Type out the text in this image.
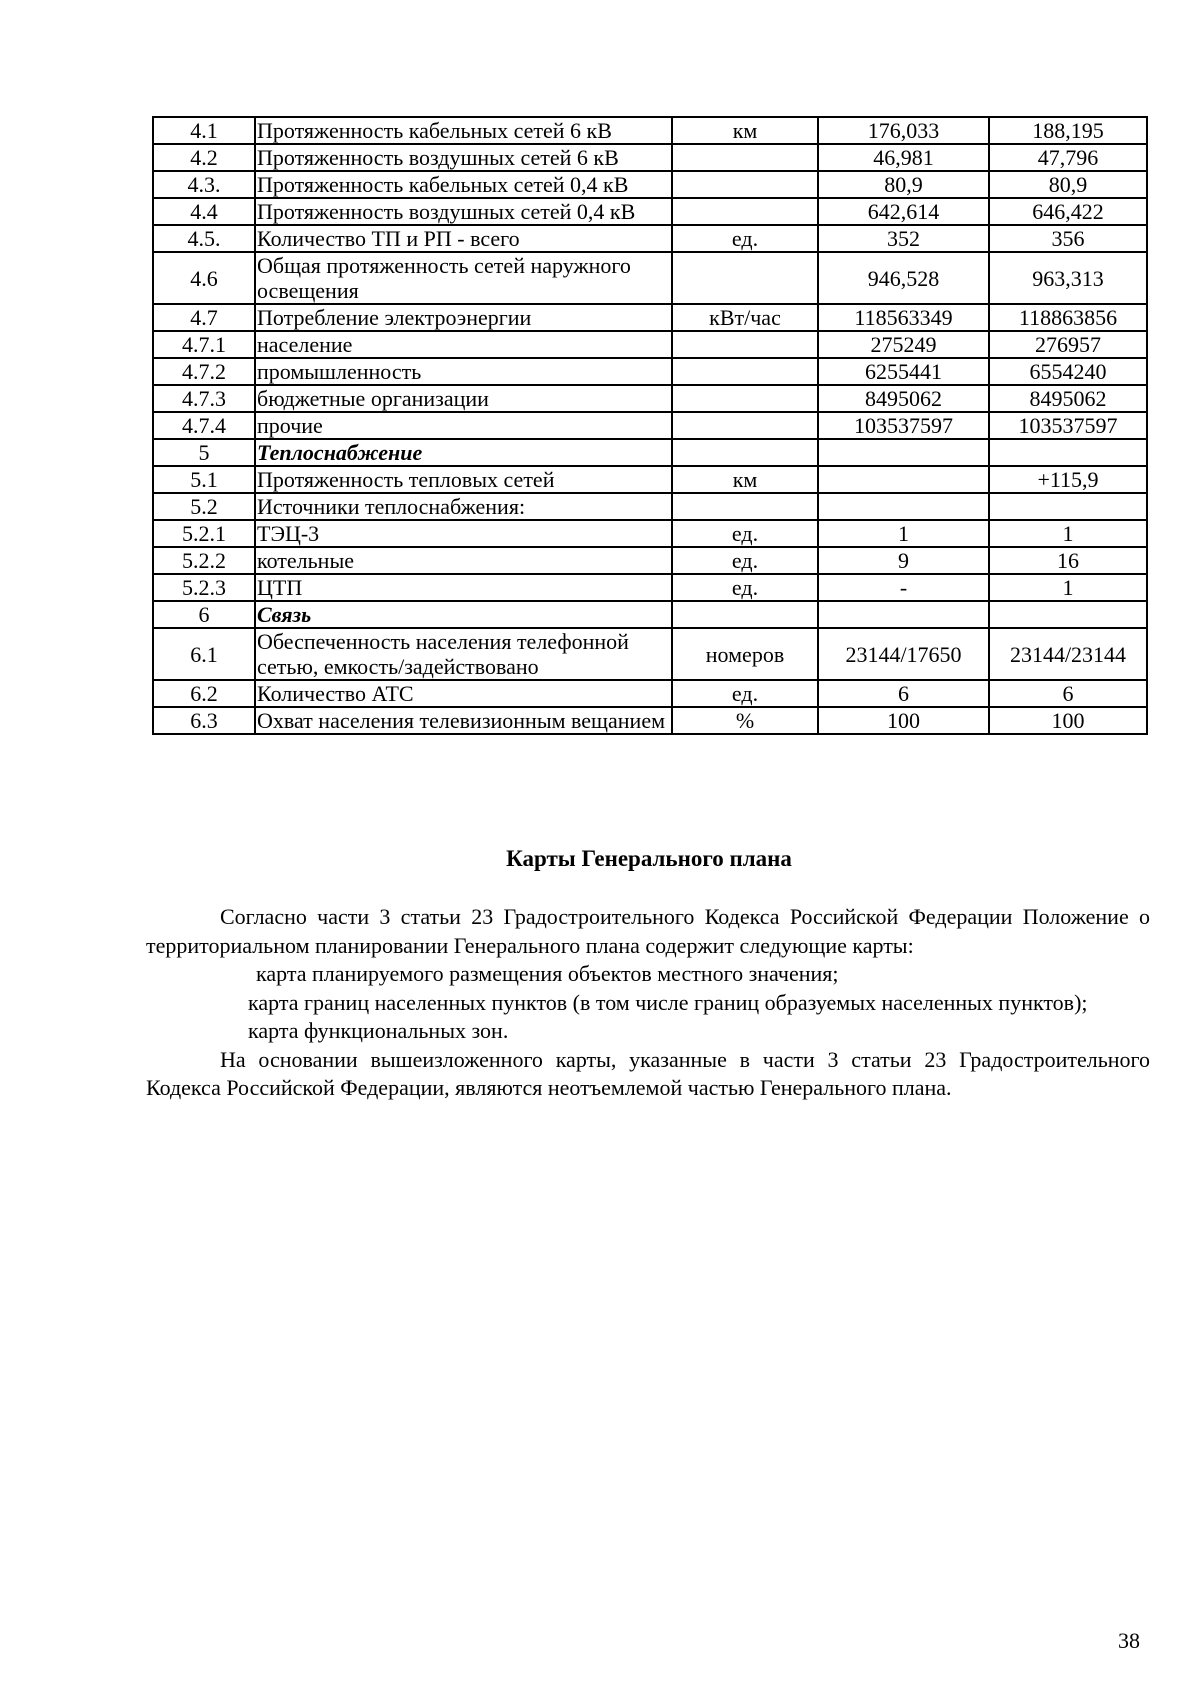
4.1	Протяженность кабельных сетей 6 кВ	км	176,033	188,195
4.2	Протяженность воздушных сетей 6 кВ		46,981	47,796
4.3.	Протяженность кабельных сетей 0,4 кВ		80,9	80,9
4.4	Протяженность воздушных сетей 0,4 кВ		642,614	646,422
4.5.	Количество ТП и РП - всего	ед.	352	356
4.6	Общая протяженность сетей наружного освещения		946,528	963,313
4.7	Потребление электроэнергии	кВт/час	118563349	118863856
4.7.1	население		275249	276957
4.7.2	промышленность		6255441	6554240
4.7.3	бюджетные организации		8495062	8495062
4.7.4	прочие		103537597	103537597
5	Теплоснабжение			
5.1	Протяженность тепловых сетей	км		+115,9
5.2	Источники теплоснабжения:			
5.2.1	ТЭЦ-3	ед.	1	1
5.2.2	котельные	ед.	9	16
5.2.3	ЦТП	ед.	-	1
6	Связь			
6.1	Обеспеченность населения телефонной сетью, емкость/задействовано	номеров	23144/17650	23144/23144
6.2	Количество АТС	ед.	6	6
6.3	Охват населения телевизионным вещанием	%	100	100
Карты Генерального плана

Согласно части 3 статьи 23 Градостроительного Кодекса Российской Федерации Положение о территориальном планировании Генерального плана содержит следующие карты:

карта планируемого размещения объектов местного значения;

карта границ населенных пунктов (в том числе границ образуемых населенных пунктов);

карта функциональных зон.

На основании вышеизложенного карты, указанные в части 3 статьи 23 Градостроительного Кодекса Российской Федерации, являются неотъемлемой частью Генерального плана.

38
